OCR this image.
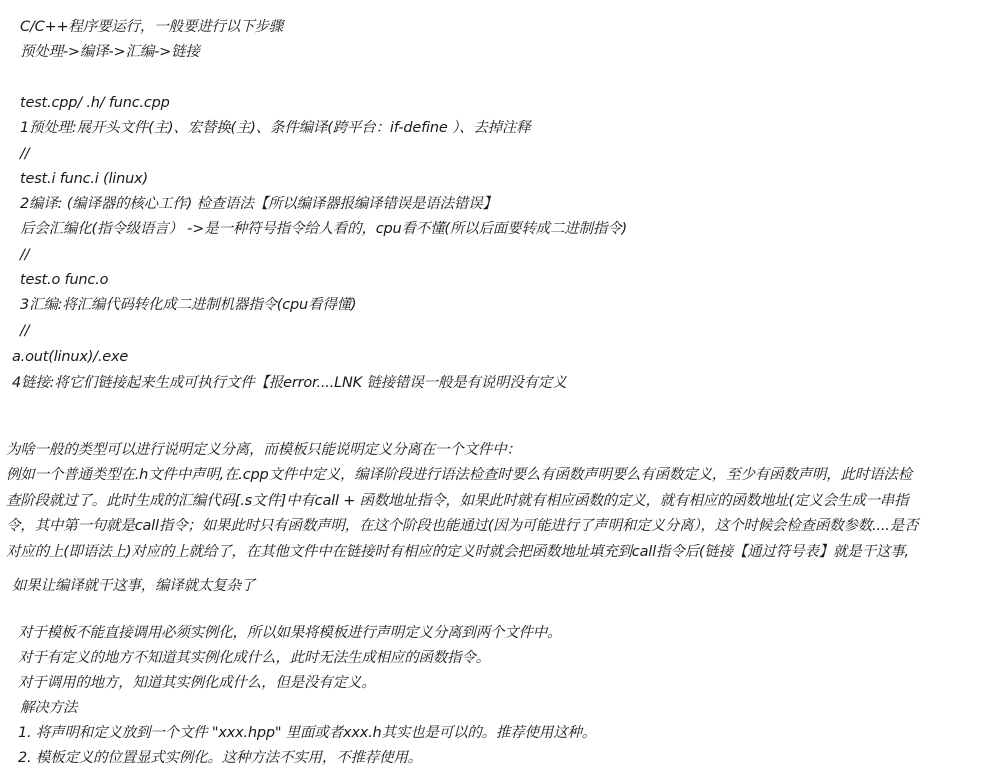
C/C++程序要运行，一般要进行以下步骤
预处理->编译->汇编->链接
test.cpp/ .h/ func.cpp
1预处理:展开头文件(主)、宏替换(主)、条件编译(跨平台：if-define ）、去掉注释
//
test.i func.i (linux)
2编译: (编译器的核心工作) 检查语法【所以编译器报编译错误是语法错误】
后会汇编化(指令级语言） ->是一种符号指令给人看的，cpu看不懂(所以后面要转成二进制指令)
//
test.o func.o
3汇编:将汇编代码转化成二进制机器指令(cpu看得懂)
//
a.out(linux)/.exe
4链接:将它们链接起来生成可执行文件【报error....LNK 链接错误一般是有说明没有定义
为啥一般的类型可以进行说明定义分离，而模板只能说明定义分离在一个文件中：
例如一个普通类型在.h文件中声明,在.cpp文件中定义，编译阶段进行语法检查时要么有函数声明要么有函数定义，至少有函数声明，此时语法检
查阶段就过了。此时生成的汇编代码[.s文件]中有call + 函数地址指令，如果此时就有相应函数的定义，就有相应的函数地址(定义会生成一串指
令，其中第一句就是call指令；如果此时只有函数声明，在这个阶段也能通过(因为可能进行了声明和定义分离），这个时候会检查函数参数....是否
对应的上(即语法上)对应的上就给了，在其他文件中在链接时有相应的定义时就会把函数地址填充到call指令后(链接【通过符号表】就是干这事,
如果让编译就干这事，编译就太复杂了
对于模板不能直接调用必须实例化，所以如果将模板进行声明定义分离到两个文件中。
对于有定义的地方不知道其实例化成什么，此时无法生成相应的函数指令。
对于调用的地方，知道其实例化成什么，但是没有定义。
解决方法
1. 将声明和定义放到一个文件 "xxx.hpp" 里面或者xxx.h其实也是可以的。推荐使用这种。
2. 模板定义的位置显式实例化。这种方法不实用，不推荐使用。
